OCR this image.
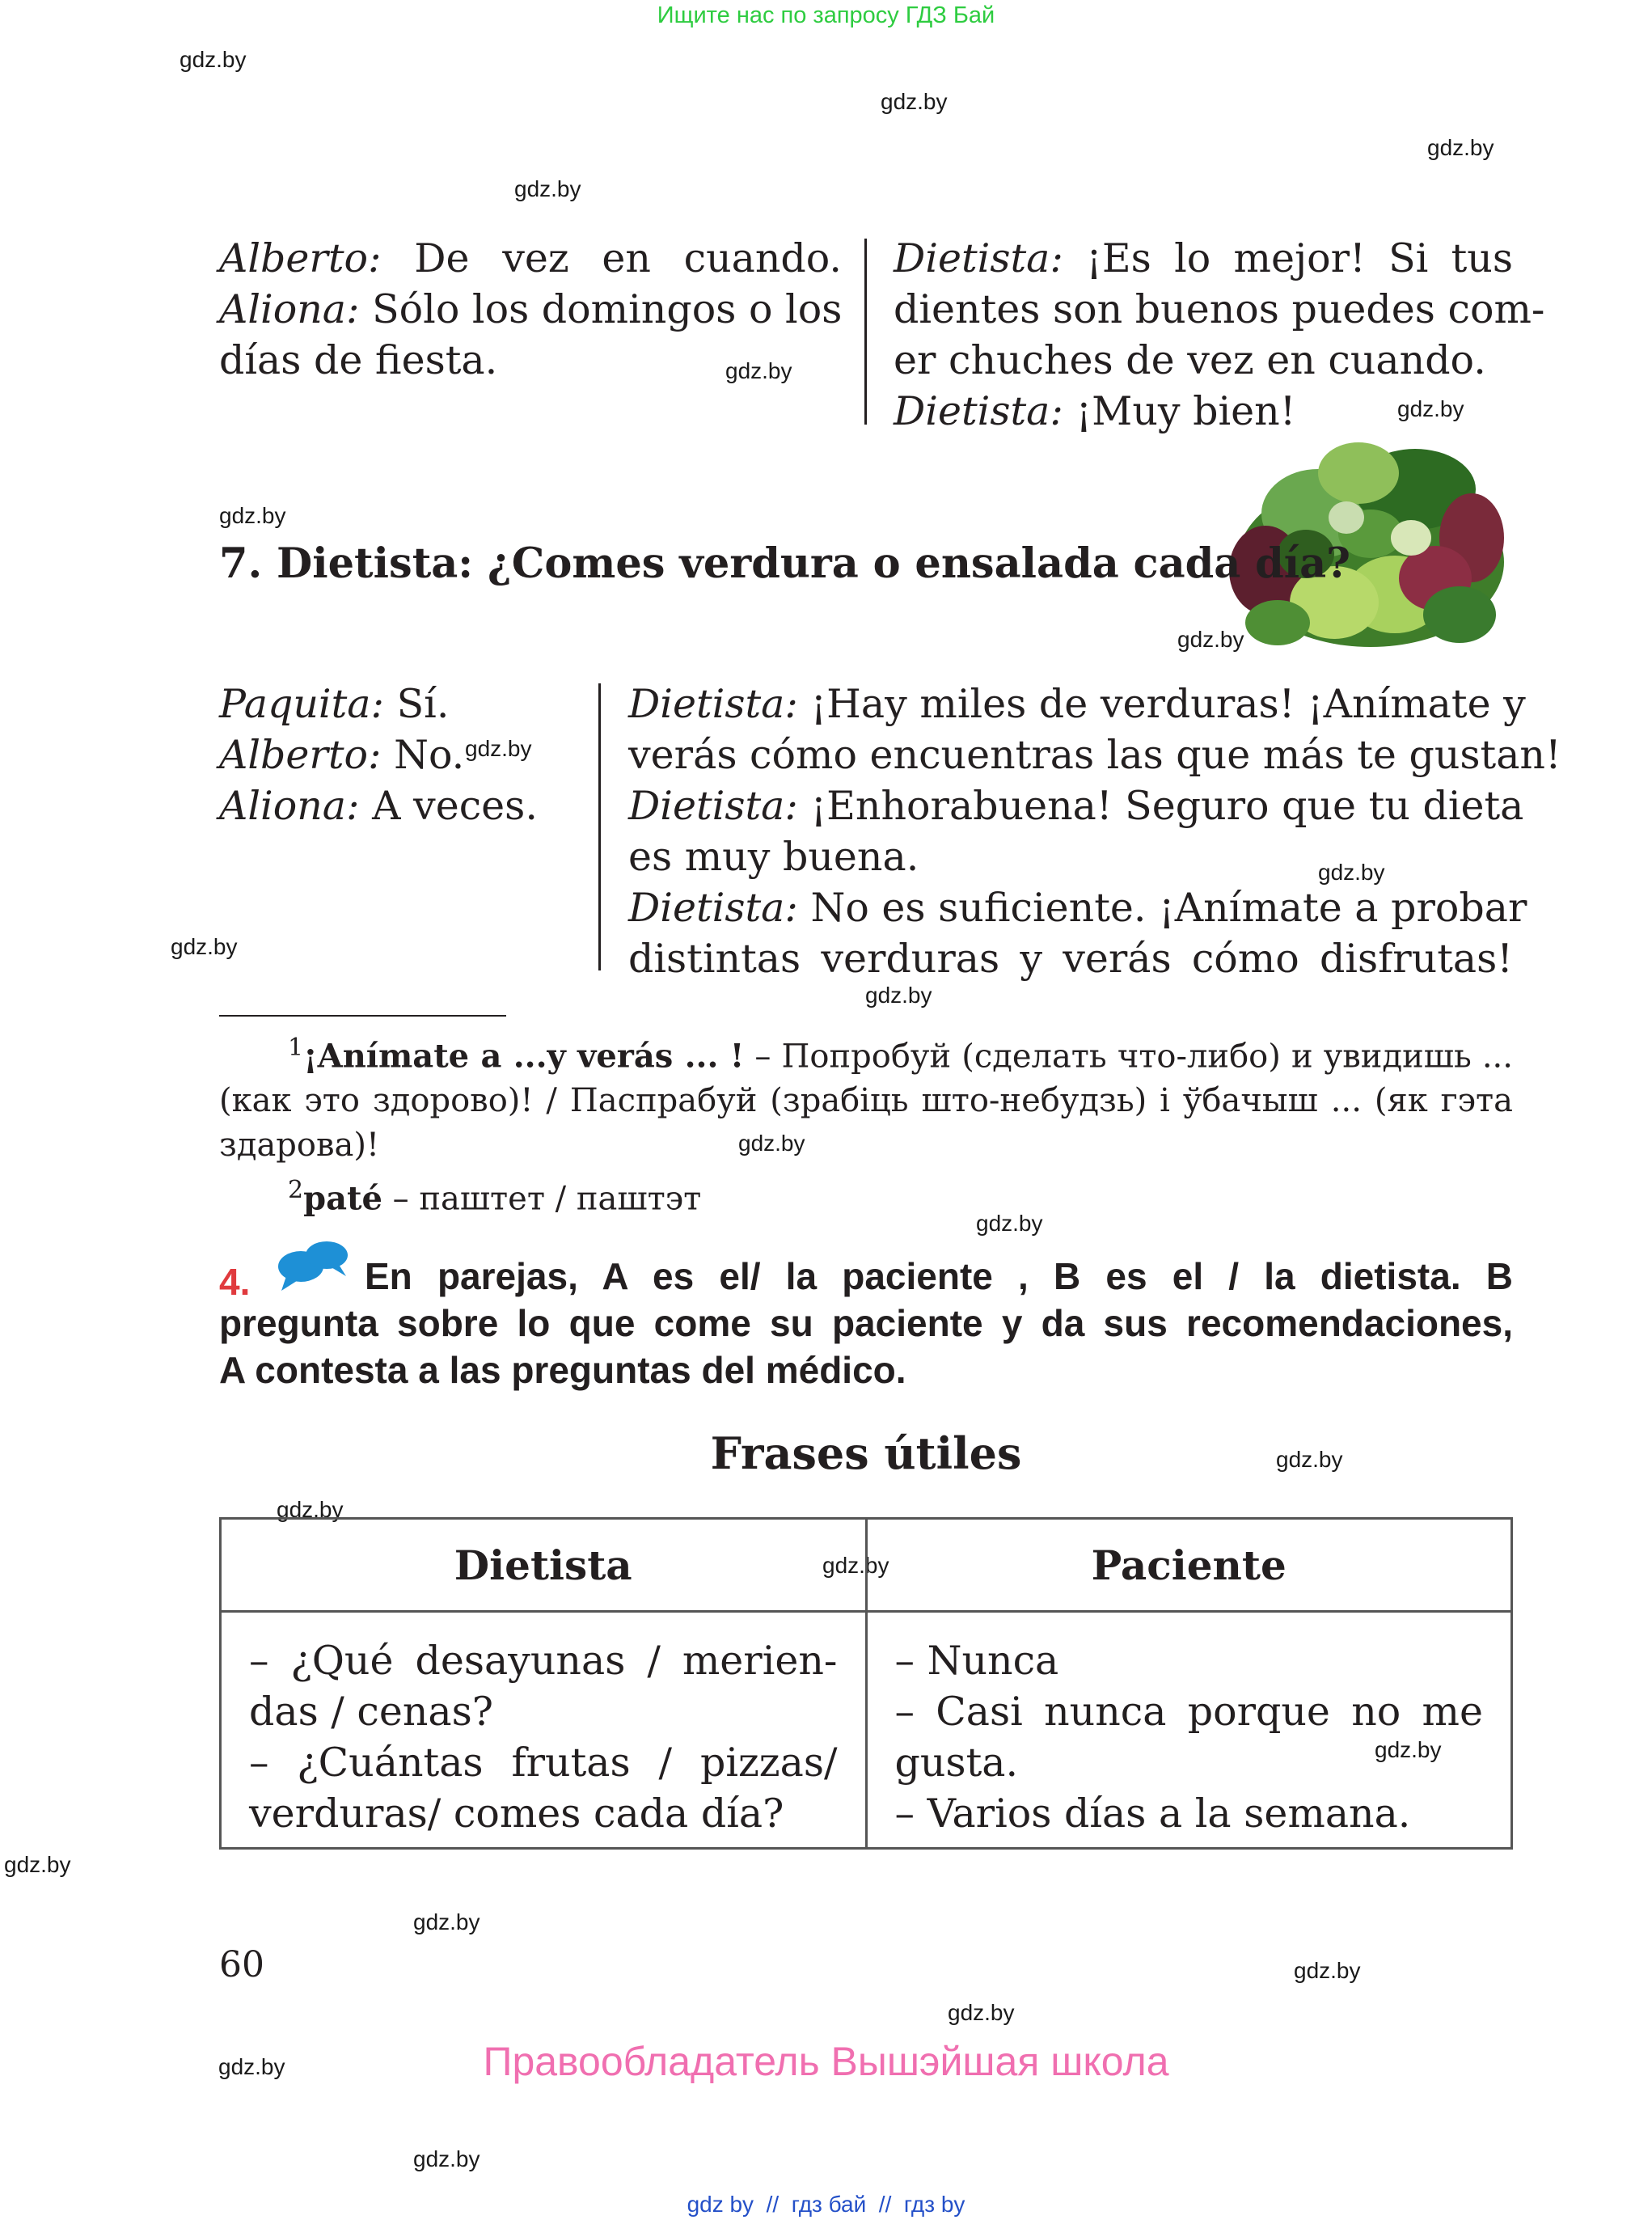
Ищите нас по запросу ГДЗ Бай
gdz.by
gdz.by
gdz.by
gdz.by
gdz.by
gdz.by
gdz.by
gdz.by
gdz.by
gdz.by
gdz.by
gdz.by
gdz.by
gdz.by
gdz.by
gdz.by
gdz.by
gdz.by
gdz.by
gdz.by
gdz.by
gdz.by
gdz.by
gdz.by
Alberto: De vez en cuando.
Aliona: Sólo los domingos o los
días de fiesta.
Dietista: ¡Es lo mejor! Si tus
dientes son buenos puedes com-
er chuches de vez en cuando.
Dietista: ¡Muy bien!
7. Dietista: ¿Comes verdura o ensalada cada día?
Paquita: Sí.
Alberto: No.
Aliona: A veces.
Dietista: ¡Hay miles de verduras! ¡Anímate y
verás cómo encuentras las que más te gustan!
Dietista: ¡Enhorabuena! Seguro que tu dieta
es muy buena.
Dietista: No es suficiente. ¡Anímate a probar
distintas verduras y verás cómo disfrutas!
$^1$¡Anímate a ...y verás ... ! – Попробуй (сделать что-либо) и увидишь ...
(как это здорово)! / Паспрабуй (зрабіць што-небудзь) і ўбачыш ... (як гэта
здарова)!
$^2$paté – паштет / паштэт
4.	En parejas, A es el/ la paciente , B es el / la dietista. B
pregunta sobre lo que come su paciente y da sus recomendaciones,
A contesta a las preguntas del médico.
Frases útiles
Dietista	Paciente

– ¿Qué desayunas / merien-
das / cenas?
– ¿Cuántas frutas / pizzas/
verduras/ comes cada día?	– Nunca
– Casi nunca porque no me
gusta.
– Varios días a la semana.
60
Правообладатель Вышэйшая школа
gdz by  //  гдз бай  //  гдз by
